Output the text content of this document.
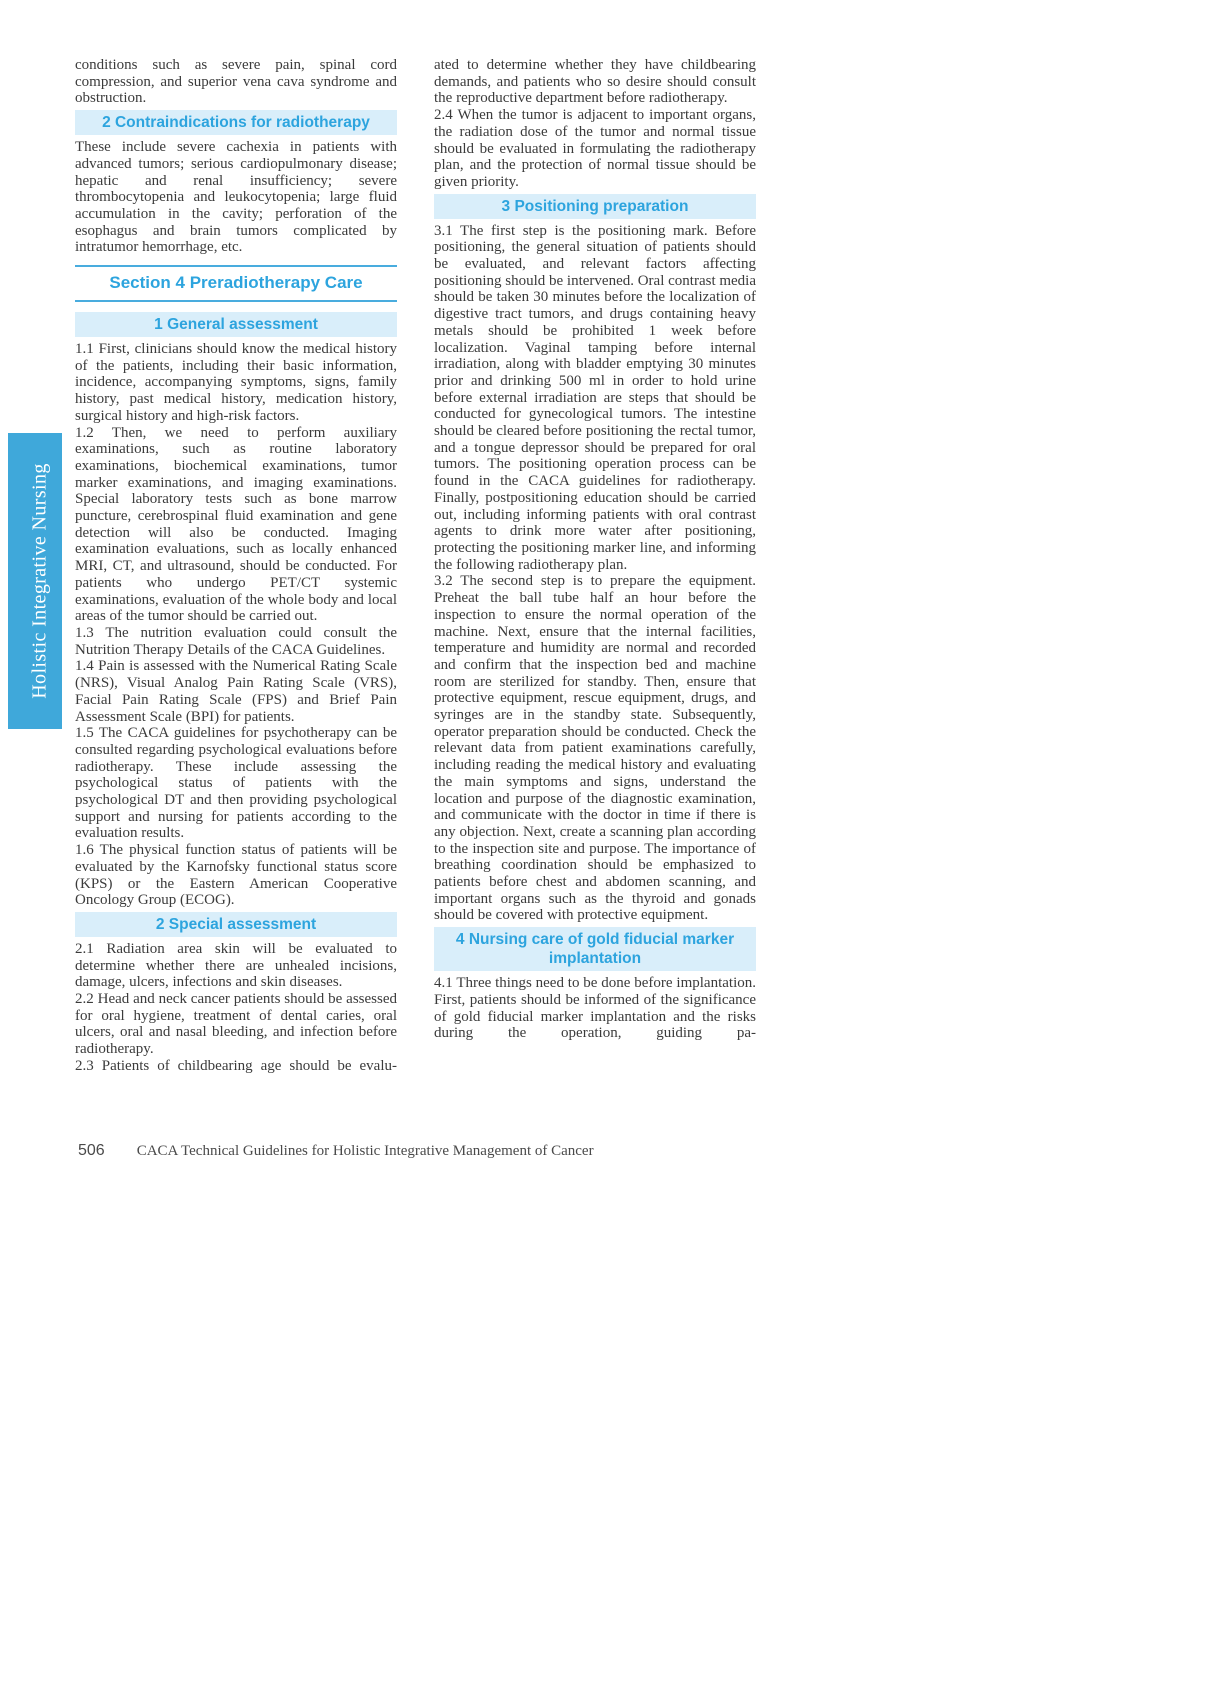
Holistic Integrative Nursing

conditions such as severe pain, spinal cord compression, and superior vena cava syndrome and obstruction.

2 Contraindications for radiotherapy

These include severe cachexia in patients with advanced tumors; serious cardiopulmonary disease; hepatic and renal insufficiency; severe thrombocytopenia and leukocytopenia; large fluid accumulation in the cavity; perforation of the esophagus and brain tumors complicated by intratumor hemorrhage, etc.

Section 4 Preradiotherapy Care
1 General assessment

1.1 First, clinicians should know the medical history of the patients, including their basic information, incidence, accompanying symptoms, signs, family history, past medical history, medication history, surgical history and high-risk factors.

1.2 Then, we need to perform auxiliary examinations, such as routine laboratory examinations, biochemical examinations, tumor marker examinations, and imaging examinations. Special laboratory tests such as bone marrow puncture, cerebrospinal fluid examination and gene detection will also be conducted. Imaging examination evaluations, such as locally enhanced MRI, CT, and ultrasound, should be conducted. For patients who undergo PET/CT systemic examinations, evaluation of the whole body and local areas of the tumor should be carried out.

1.3 The nutrition evaluation could consult the Nutrition Therapy Details of the CACA Guidelines.

1.4 Pain is assessed with the Numerical Rating Scale (NRS), Visual Analog Pain Rating Scale (VRS), Facial Pain Rating Scale (FPS) and Brief Pain Assessment Scale (BPI) for patients.

1.5 The CACA guidelines for psychotherapy can be consulted regarding psychological evaluations before radiotherapy. These include assessing the psychological status of patients with the psychological DT and then providing psychological support and nursing for patients according to the evaluation results.

1.6 The physical function status of patients will be evaluated by the Karnofsky functional status score (KPS) or the Eastern American Cooperative Oncology Group (ECOG).

2 Special assessment

2.1 Radiation area skin will be evaluated to determine whether there are unhealed incisions, damage, ulcers, infections and skin diseases.

2.2 Head and neck cancer patients should be assessed for oral hygiene, treatment of dental caries, oral ulcers, oral and nasal bleeding, and infection before radiotherapy.

2.3 Patients of childbearing age should be evalu-

ated to determine whether they have childbearing demands, and patients who so desire should consult the reproductive department before radiotherapy.

2.4 When the tumor is adjacent to important organs, the radiation dose of the tumor and normal tissue should be evaluated in formulating the radiotherapy plan, and the protection of normal tissue should be given priority.

3 Positioning preparation

3.1 The first step is the positioning mark. Before positioning, the general situation of patients should be evaluated, and relevant factors affecting positioning should be intervened. Oral contrast media should be taken 30 minutes before the localization of digestive tract tumors, and drugs containing heavy metals should be prohibited 1 week before localization. Vaginal tamping before internal irradiation, along with bladder emptying 30 minutes prior and drinking 500 ml in order to hold urine before external irradiation are steps that should be conducted for gynecological tumors. The intestine should be cleared before positioning the rectal tumor, and a tongue depressor should be prepared for oral tumors. The positioning operation process can be found in the CACA guidelines for radiotherapy. Finally, postpositioning education should be carried out, including informing patients with oral contrast agents to drink more water after positioning, protecting the positioning marker line, and informing the following radiotherapy plan.

3.2 The second step is to prepare the equipment. Preheat the ball tube half an hour before the inspection to ensure the normal operation of the machine. Next, ensure that the internal facilities, temperature and humidity are normal and recorded and confirm that the inspection bed and machine room are sterilized for standby. Then, ensure that protective equipment, rescue equipment, drugs, and syringes are in the standby state. Subsequently, operator preparation should be conducted. Check the relevant data from patient examinations carefully, including reading the medical history and evaluating the main symptoms and signs, understand the location and purpose of the diagnostic examination, and communicate with the doctor in time if there is any objection. Next, create a scanning plan according to the inspection site and purpose. The importance of breathing coordination should be emphasized to patients before chest and abdomen scanning, and important organs such as the thyroid and gonads should be covered with protective equipment.

4 Nursing care of gold fiducial marker implantation

4.1 Three things need to be done before implantation. First, patients should be informed of the significance of gold fiducial marker implantation and the risks during the operation, guiding pa-

506 CACA Technical Guidelines for Holistic Integrative Management of Cancer
